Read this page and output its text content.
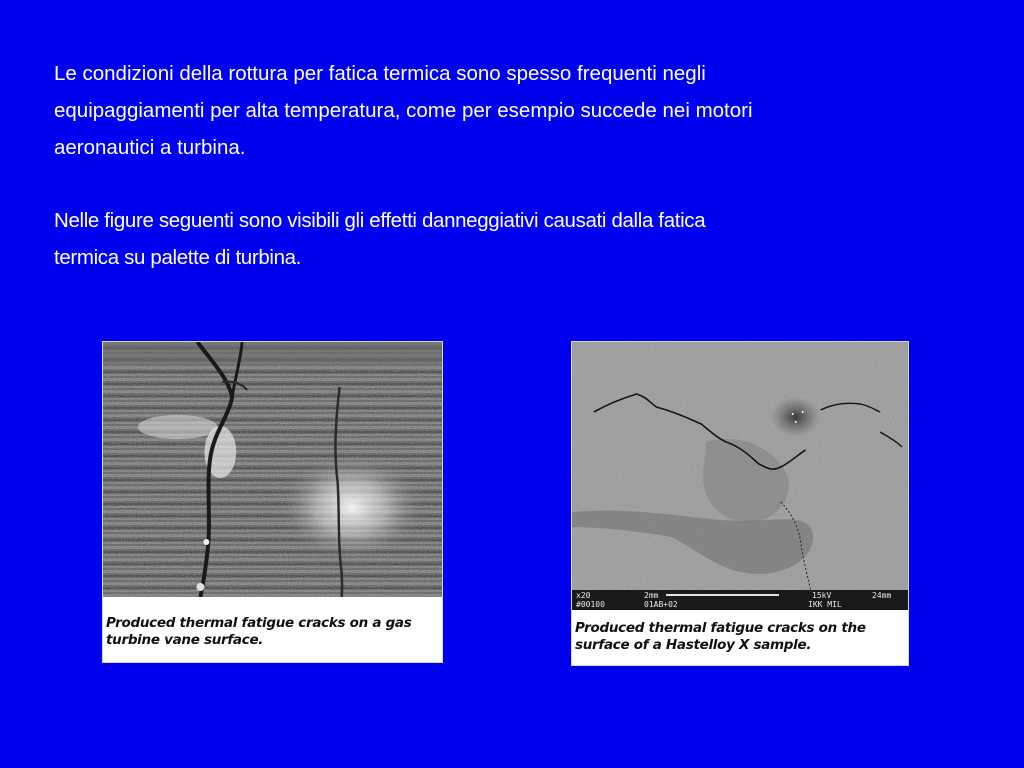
Le condizioni della rottura per fatica termica sono spesso frequenti negli
equipaggiamenti per alta temperatura, come per esempio succede nei motori
aeronautici a turbina.

Nelle figure seguenti sono visibili gli effetti danneggiativi causati dalla fatica
termica su palette di turbina.

Produced thermal fatigue cracks on a gas
turbine vane surface.
x20	2mm	15kV	24mm
#00100	01AB+02	IKK MIL
Produced thermal fatigue cracks on the
surface of a Hastelloy X sample.
